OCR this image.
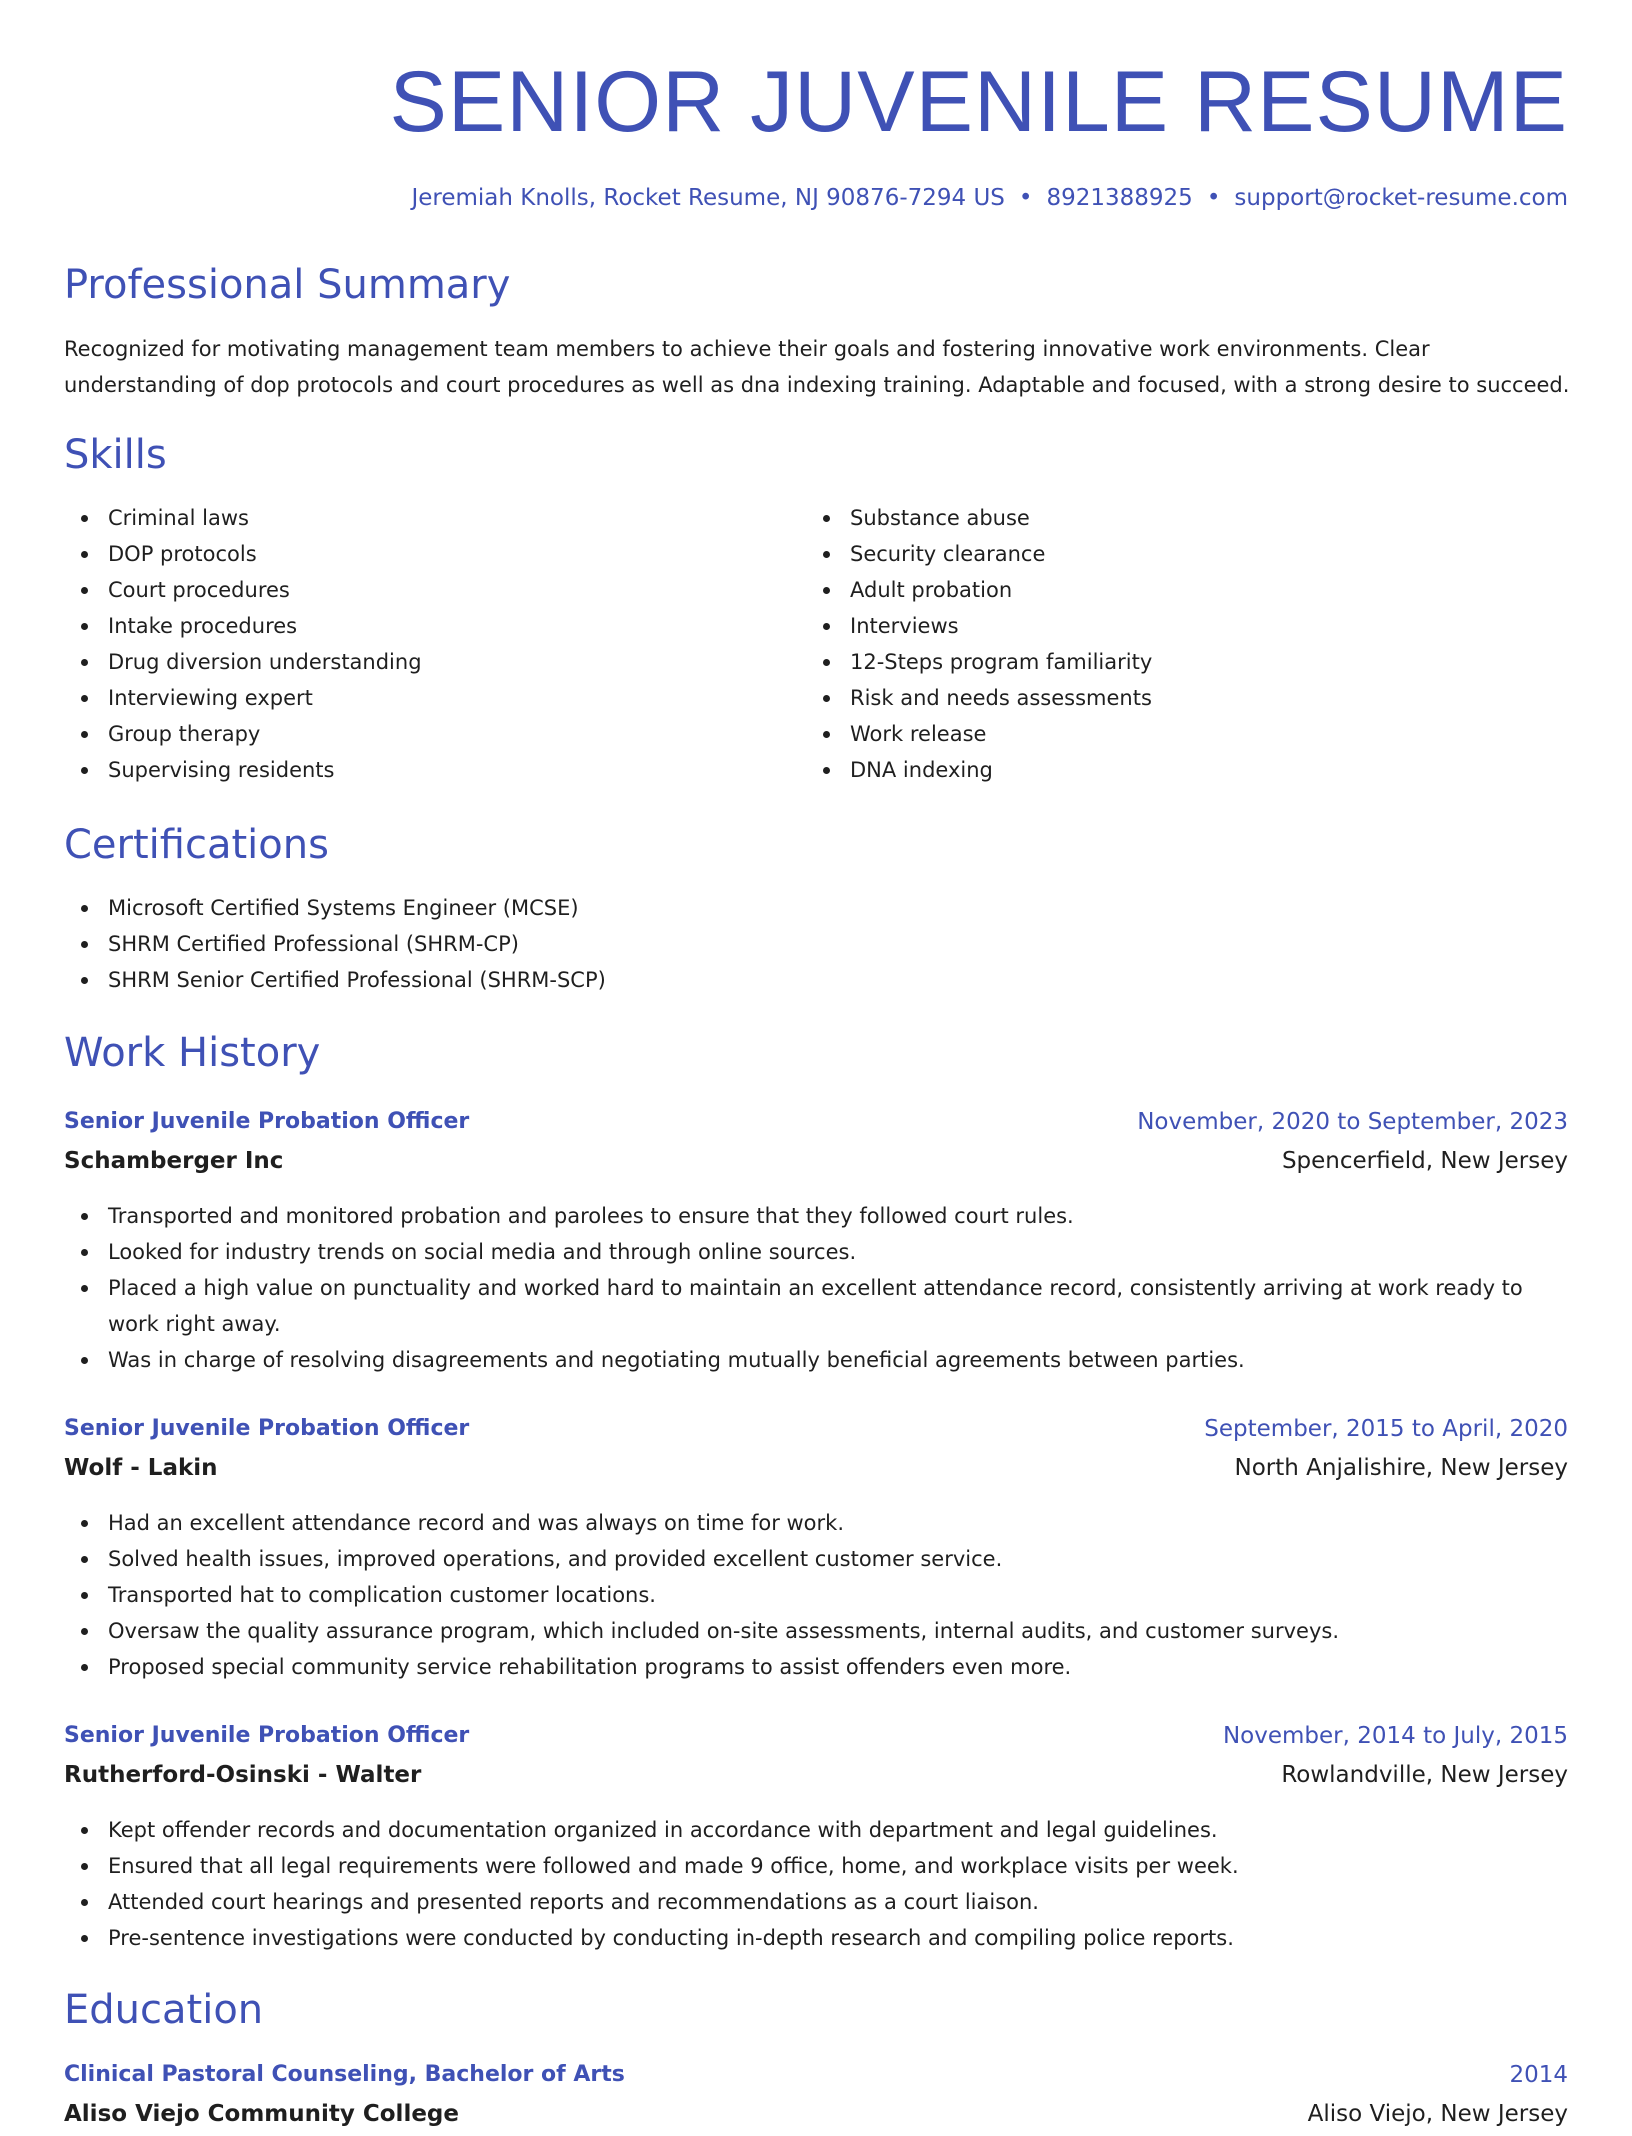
SENIOR JUVENILE RESUME
Jeremiah Knolls, Rocket Resume, NJ 90876-7294 US • 8921388925 • support@rocket-resume.com
Professional Summary

Recognized for motivating management team members to achieve their goals and fostering innovative work environments. Clear understanding of dop protocols and court procedures as well as dna indexing training. Adaptable and focused, with a strong desire to succeed.

Skills
Criminal laws
DOP protocols
Court procedures
Intake procedures
Drug diversion understanding
Interviewing expert
Group therapy
Supervising residents
Substance abuse
Security clearance
Adult probation
Interviews
12-Steps program familiarity
Risk and needs assessments
Work release
DNA indexing
Certifications
Microsoft Certified Systems Engineer (MCSE)
SHRM Certified Professional (SHRM-CP)
SHRM Senior Certified Professional (SHRM-SCP)
Work History
Senior Juvenile Probation Officer	November, 2020 to September, 2023
Schamberger Inc	Spencerfield, New Jersey
Transported and monitored probation and parolees to ensure that they followed court rules.
Looked for industry trends on social media and through online sources.
Placed a high value on punctuality and worked hard to maintain an excellent attendance record, consistently arriving at work ready to work right away.
Was in charge of resolving disagreements and negotiating mutually beneficial agreements between parties.
Senior Juvenile Probation Officer	September, 2015 to April, 2020
Wolf - Lakin	North Anjalishire, New Jersey
Had an excellent attendance record and was always on time for work.
Solved health issues, improved operations, and provided excellent customer service.
Transported hat to complication customer locations.
Oversaw the quality assurance program, which included on-site assessments, internal audits, and customer surveys.
Proposed special community service rehabilitation programs to assist offenders even more.
Senior Juvenile Probation Officer	November, 2014 to July, 2015
Rutherford-Osinski - Walter	Rowlandville, New Jersey
Kept offender records and documentation organized in accordance with department and legal guidelines.
Ensured that all legal requirements were followed and made 9 office, home, and workplace visits per week.
Attended court hearings and presented reports and recommendations as a court liaison.
Pre-sentence investigations were conducted by conducting in-depth research and compiling police reports.
Education
Clinical Pastoral Counseling, Bachelor of Arts	2014
Aliso Viejo Community College	Aliso Viejo, New Jersey
